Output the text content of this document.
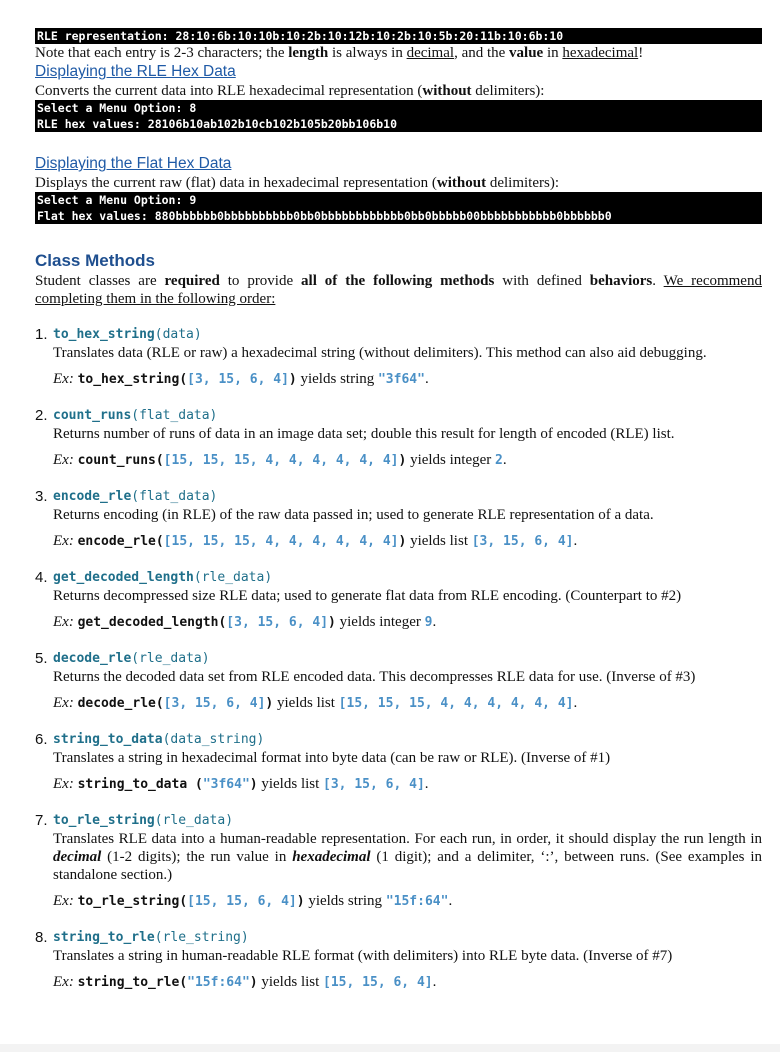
RLE representation: 28:10:6b:10:10b:10:2b:10:12b:10:2b:10:5b:20:11b:10:6b:10

Note that each entry is 2-3 characters; the length is always in decimal, and the value in hexadecimal!

Displaying the RLE Hex Data

Converts the current data into RLE hexadecimal representation (without delimiters):

Select a Menu Option: 8
RLE hex values: 28106b10ab102b10cb102b105b20bb106b10
Displaying the Flat Hex Data

Displays the current raw (flat) data in hexadecimal representation (without delimiters):

Select a Menu Option: 9
Flat hex values: 880bbbbbb0bbbbbbbbbb0bb0bbbbbbbbbbbb0bb0bbbbb00bbbbbbbbbbb0bbbbbb0
Class Methods

Student classes are required to provide all of the following methods with defined behaviors. We recommend completing them in the following order:

1. to_hex_string(data)
Translates data (RLE or raw) a hexadecimal string (without delimiters). This method can also aid debugging.
Ex: to_hex_string([3, 15, 6, 4]) yields string "3f64".
2. count_runs(flat_data)
Returns number of runs of data in an image data set; double this result for length of encoded (RLE) list.
Ex: count_runs([15, 15, 15, 4, 4, 4, 4, 4, 4]) yields integer 2.
3. encode_rle(flat_data)
Returns encoding (in RLE) of the raw data passed in; used to generate RLE representation of a data.
Ex: encode_rle([15, 15, 15, 4, 4, 4, 4, 4, 4]) yields list [3, 15, 6, 4].
4. get_decoded_length(rle_data)
Returns decompressed size RLE data; used to generate flat data from RLE encoding. (Counterpart to #2)
Ex: get_decoded_length([3, 15, 6, 4]) yields integer 9.
5. decode_rle(rle_data)
Returns the decoded data set from RLE encoded data. This decompresses RLE data for use. (Inverse of #3)
Ex: decode_rle([3, 15, 6, 4]) yields list [15, 15, 15, 4, 4, 4, 4, 4, 4].
6. string_to_data(data_string)
Translates a string in hexadecimal format into byte data (can be raw or RLE). (Inverse of #1)
Ex: string_to_data ("3f64") yields list [3, 15, 6, 4].
7. to_rle_string(rle_data)
Translates RLE data into a human-readable representation. For each run, in order, it should display the run length in decimal (1-2 digits); the run value in hexadecimal (1 digit); and a delimiter, ‘:’, between runs. (See examples in standalone section.)
Ex: to_rle_string([15, 15, 6, 4]) yields string "15f:64".
8. string_to_rle(rle_string)
Translates a string in human-readable RLE format (with delimiters) into RLE byte data. (Inverse of #7)
Ex: string_to_rle("15f:64") yields list [15, 15, 6, 4].
